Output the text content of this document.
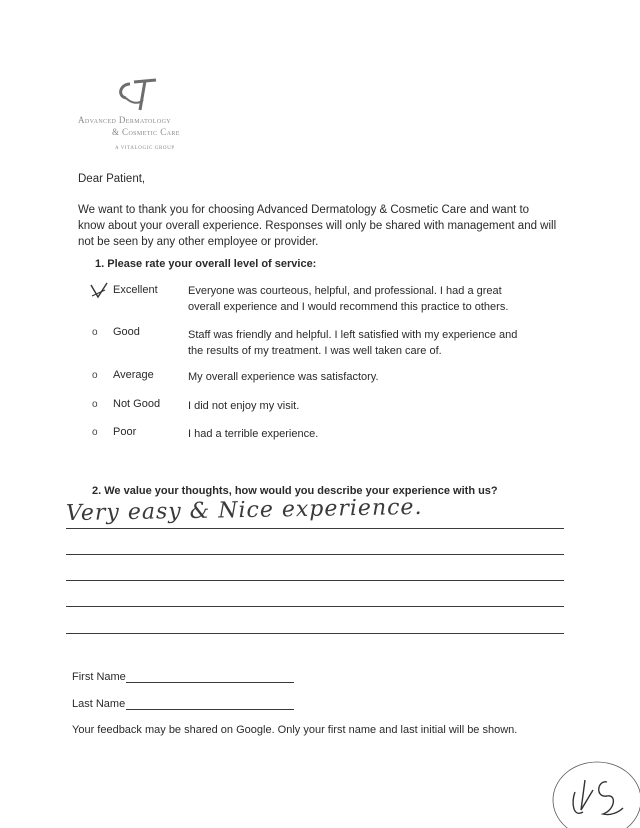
Advanced Dermatology
& Cosmetic Care
A VITALOGIC GROUP
Dear Patient,
We want to thank you for choosing Advanced Dermatology & Cosmetic Care and want to know about your overall experience. Responses will only be shared with management and will not be seen by any other employee or provider.
1. Please rate your overall level of service:
Excellent	Everyone was courteous, helpful, and professional. I had a great overall experience and I would recommend this practice to others.
o Good	Staff was friendly and helpful. I left satisfied with my experience and the results of my treatment. I was well taken care of.
o Average	My overall experience was satisfactory.
o Not Good	I did not enjoy my visit.
o Poor	I had a terrible experience.
2. We value your thoughts, how would you describe your experience with us?
Very easy & Nice experience.
First Name
Last Name
Your feedback may be shared on Google. Only your first name and last initial will be shown.
